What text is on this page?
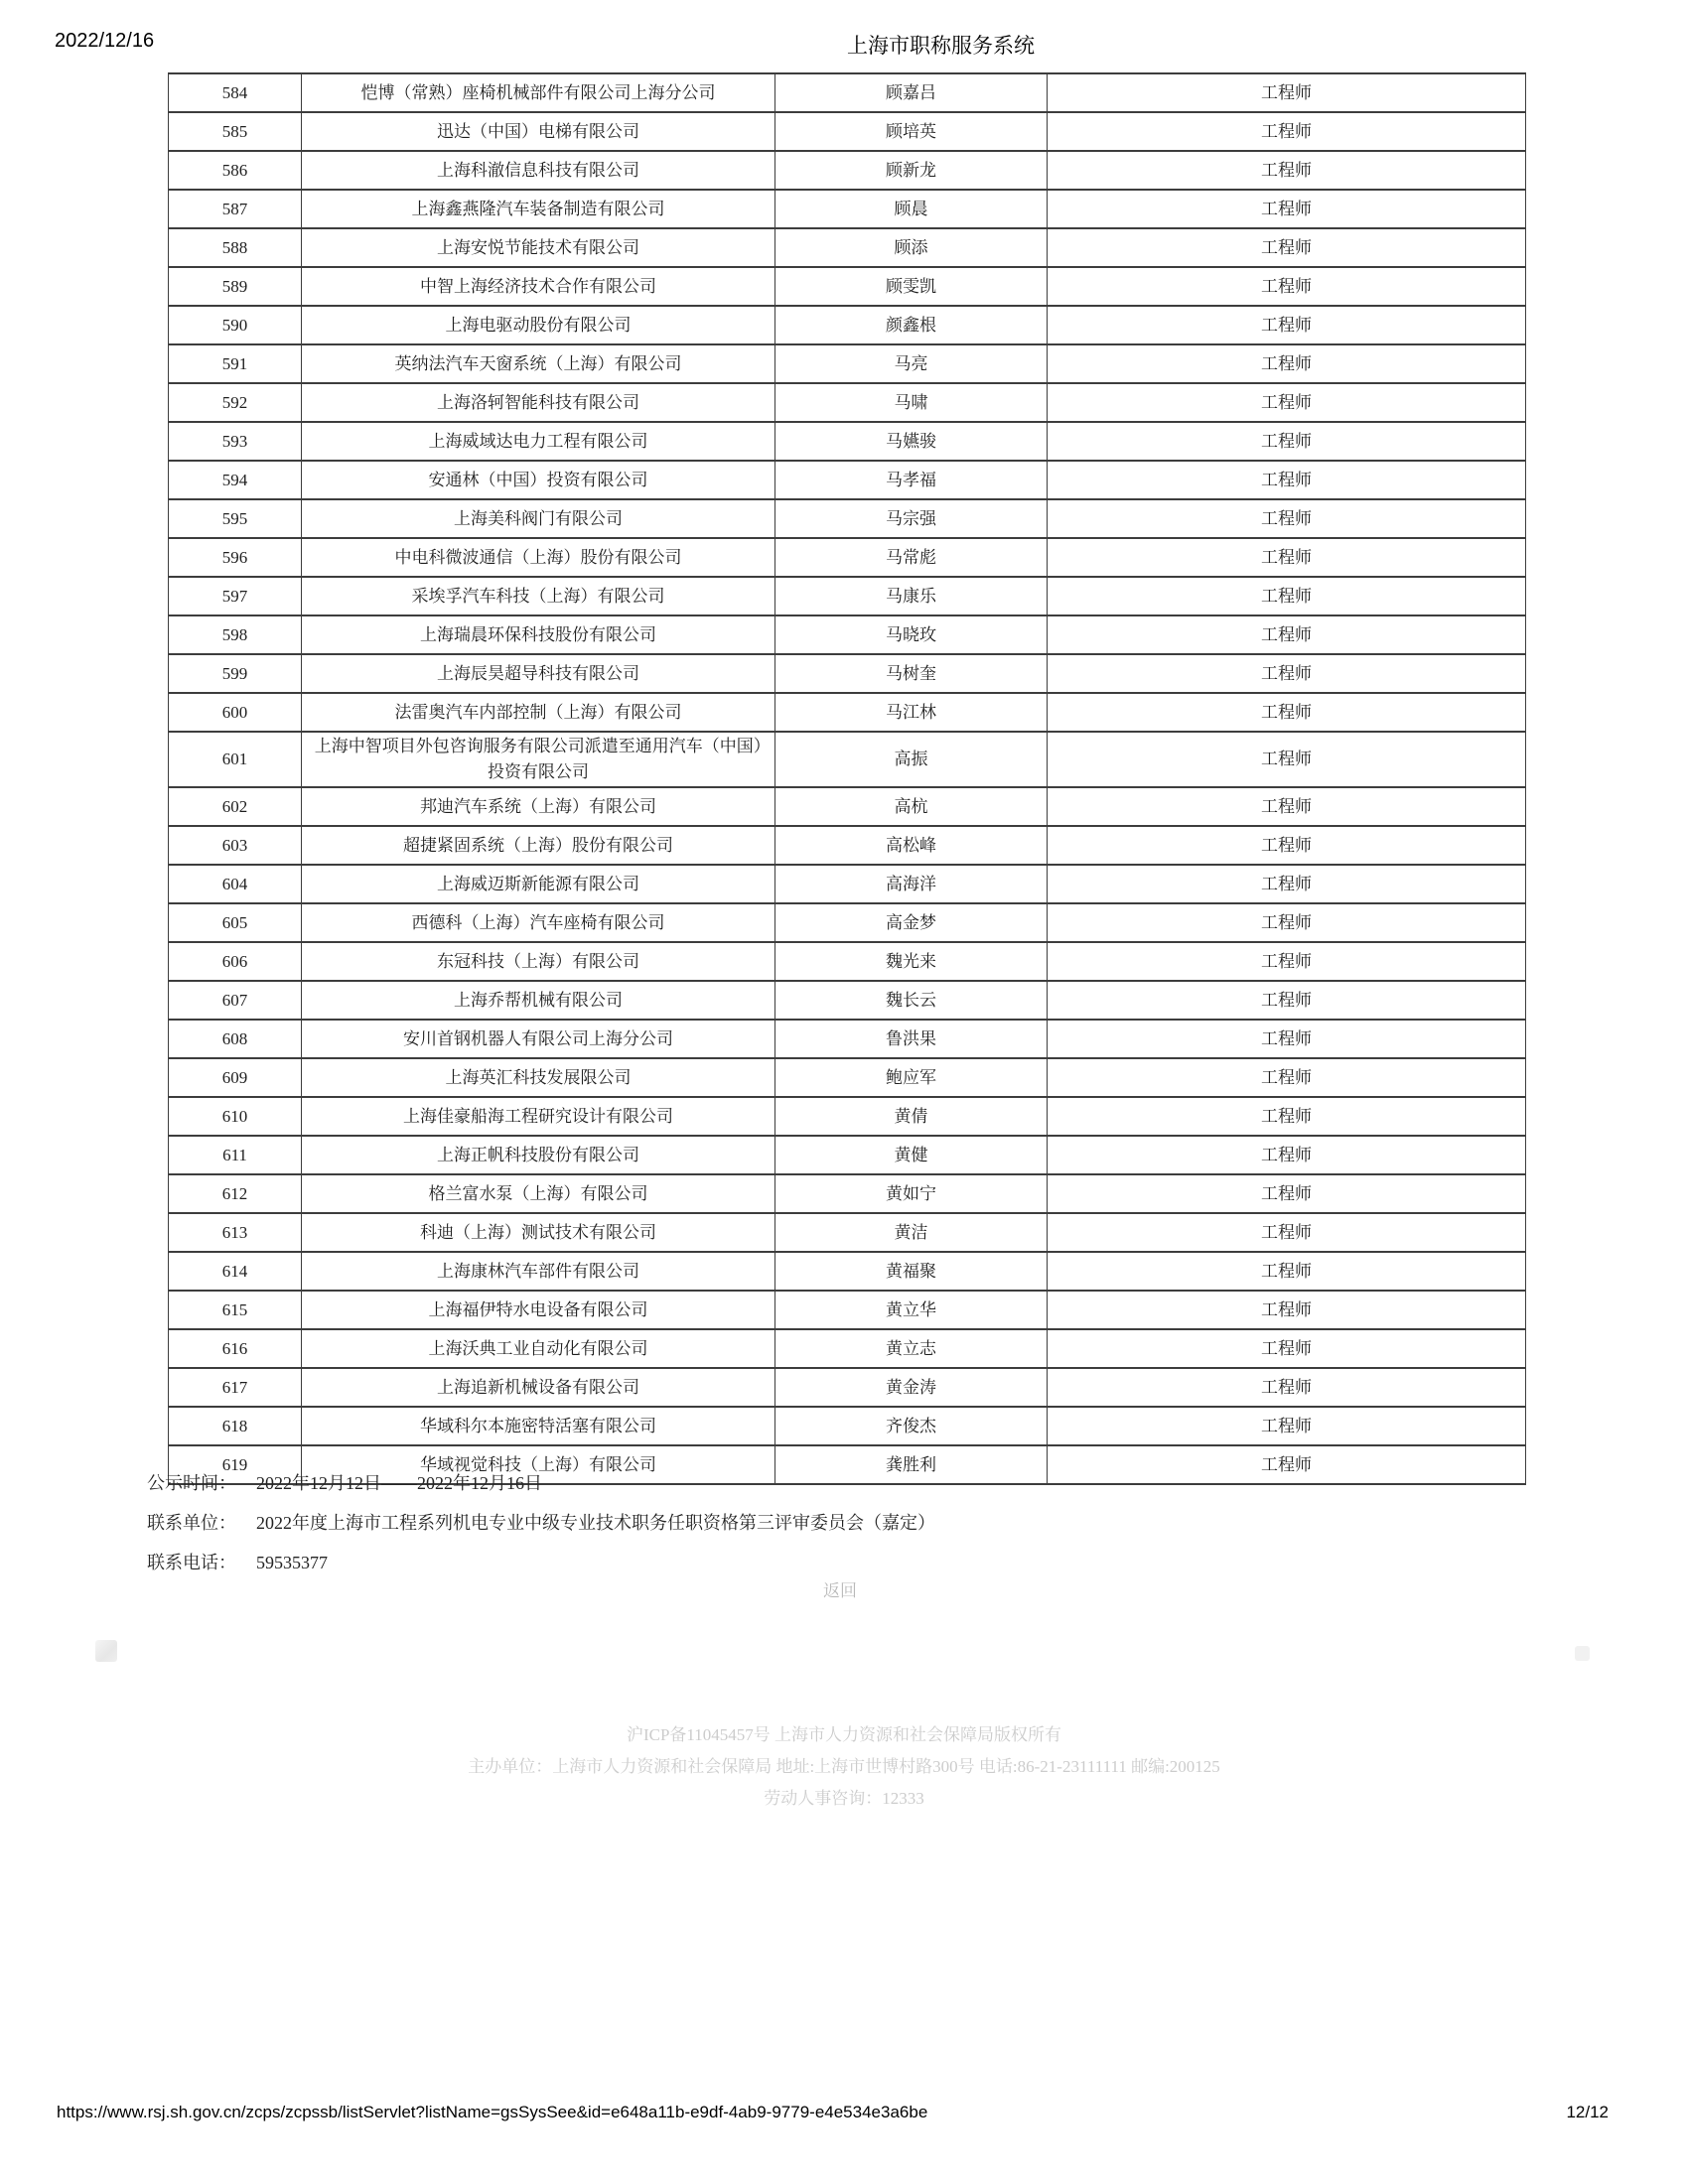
2022/12/16	上海市职称服务系统
584	恺博（常熟）座椅机械部件有限公司上海分公司	顾嘉吕	工程师
585	迅达（中国）电梯有限公司	顾培英	工程师
586	上海科澈信息科技有限公司	顾新龙	工程师
587	上海鑫燕隆汽车装备制造有限公司	顾晨	工程师
588	上海安悦节能技术有限公司	顾添	工程师
589	中智上海经济技术合作有限公司	顾雯凯	工程师
590	上海电驱动股份有限公司	颜鑫根	工程师
591	英纳法汽车天窗系统（上海）有限公司	马亮	工程师
592	上海洛轲智能科技有限公司	马啸	工程师
593	上海威域达电力工程有限公司	马嬿骏	工程师
594	安通林（中国）投资有限公司	马孝福	工程师
595	上海美科阀门有限公司	马宗强	工程师
596	中电科微波通信（上海）股份有限公司	马常彪	工程师
597	采埃孚汽车科技（上海）有限公司	马康乐	工程师
598	上海瑞晨环保科技股份有限公司	马晓玫	工程师
599	上海辰昊超导科技有限公司	马树奎	工程师
600	法雷奥汽车内部控制（上海）有限公司	马江林	工程师
601	上海中智项目外包咨询服务有限公司派遣至通用汽车（中国）投资有限公司	高振	工程师
602	邦迪汽车系统（上海）有限公司	高杭	工程师
603	超捷紧固系统（上海）股份有限公司	高松峰	工程师
604	上海威迈斯新能源有限公司	高海洋	工程师
605	西德科（上海）汽车座椅有限公司	高金梦	工程师
606	东冠科技（上海）有限公司	魏光来	工程师
607	上海乔帮机械有限公司	魏长云	工程师
608	安川首钢机器人有限公司上海分公司	鲁洪果	工程师
609	上海英汇科技发展限公司	鲍应军	工程师
610	上海佳豪船海工程研究设计有限公司	黄倩	工程师
611	上海正帆科技股份有限公司	黄健	工程师
612	格兰富水泵（上海）有限公司	黄如宁	工程师
613	科迪（上海）测试技术有限公司	黄洁	工程师
614	上海康林汽车部件有限公司	黄福聚	工程师
615	上海福伊特水电设备有限公司	黄立华	工程师
616	上海沃典工业自动化有限公司	黄立志	工程师
617	上海追新机械设备有限公司	黄金涛	工程师
618	华域科尔本施密特活塞有限公司	齐俊杰	工程师
619	华域视觉科技（上海）有限公司	龚胜利	工程师
公示时间： 2022年12月12日——2022年12月16日
联系单位： 2022年度上海市工程系列机电专业中级专业技术职务任职资格第三评审委员会（嘉定）
联系电话： 59535377
返回
沪ICP备11045457号 上海市人力资源和社会保障局版权所有
主办单位：上海市人力资源和社会保障局 地址:上海市世博村路300号 电话:86-21-23111111 邮编:200125
劳动人事咨询：12333
https://www.rsj.sh.gov.cn/zcps/zcpssb/listServlet?listName=gsSysSee&id=e648a11b-e9df-4ab9-9779-e4e534e3a6be	12/12
